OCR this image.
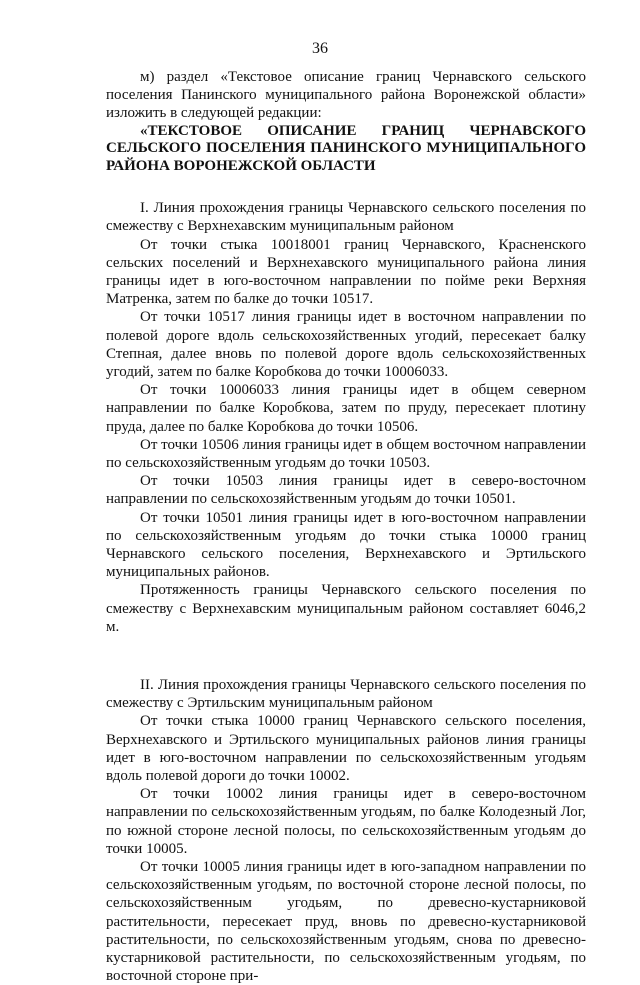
36

м) раздел «Текстовое описание границ Чернавского сельского поселения Панинского муниципального района Воронежской области» изложить в следующей редакции:

«ТЕКСТОВОЕ ОПИСАНИЕ ГРАНИЦ ЧЕРНАВСКОГО СЕЛЬСКОГО ПОСЕЛЕНИЯ ПАНИНСКОГО МУНИЦИПАЛЬНОГО РАЙОНА ВОРОНЕЖСКОЙ ОБЛАСТИ

I. Линия прохождения границы Чернавского сельского поселения по смежеству с Верхнехавским муниципальным районом

От точки стыка 10018001 границ Чернавского, Красненского сельских поселений и Верхнехавского муниципального района линия границы идет в юго-восточном направлении по пойме реки Верхняя Матренка, затем по балке до точки 10517.

От точки 10517 линия границы идет в восточном направлении по полевой дороге вдоль сельскохозяйственных угодий, пересекает балку Степная, далее вновь по полевой дороге вдоль сельскохозяйственных угодий, затем по балке Коробкова до точки 10006033.

От точки 10006033 линия границы идет в общем северном направлении по балке Коробкова, затем по пруду, пересекает плотину пруда, далее по балке Коробкова до точки 10506.

От точки 10506 линия границы идет в общем восточном направлении по сельскохозяйственным угодьям до точки 10503.

От точки 10503 линия границы идет в северо-восточном направлении по сельскохозяйственным угодьям до точки 10501.

От точки 10501 линия границы идет в юго-восточном направлении по сельскохозяйственным угодьям до точки стыка 10000 границ Чернавского сельского поселения, Верхнехавского и Эртильского муниципальных районов.

Протяженность границы Чернавского сельского поселения по смежеству с Верхнехавским муниципальным районом составляет 6046,2 м.

II. Линия прохождения границы Чернавского сельского поселения по смежеству с Эртильским муниципальным районом

От точки стыка 10000 границ Чернавского сельского поселения, Верхнехавского и Эртильского муниципальных районов линия границы идет в юго-восточном направлении по сельскохозяйственным угодьям вдоль полевой дороги до точки 10002.

От точки 10002 линия границы идет в северо-восточном направлении по сельскохозяйственным угодьям, по балке Колодезный Лог, по южной стороне лесной полосы, по сельскохозяйственным угодьям до точки 10005.

От точки 10005 линия границы идет в юго-западном направлении по сельскохозяйственным угодьям, по восточной стороне лесной полосы, по сельскохозяйственным угодьям, по древесно-кустарниковой растительности, пересекает пруд, вновь по древесно-кустарниковой растительности, по сельскохозяйственным угодьям, снова по древесно-кустарниковой растительности, по сельскохозяйственным угодьям, по восточной стороне при-
